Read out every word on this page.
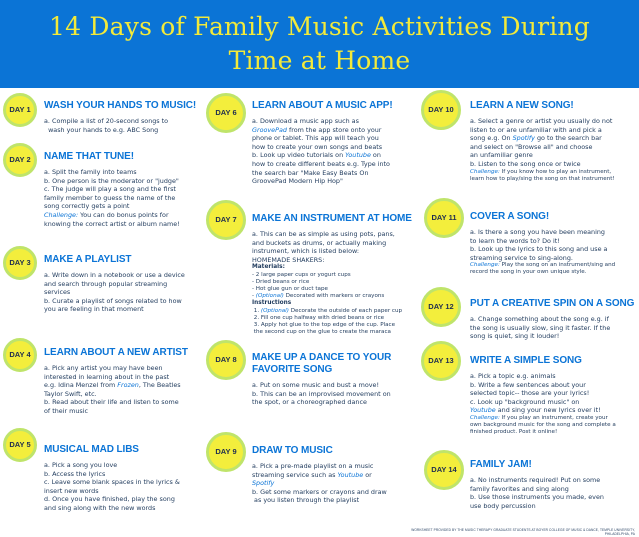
14 Days of Family Music Activities During
Time at Home
DAY 1	WASH YOUR HANDS TO MUSIC!

a. Compile a list of 20-second songs to
wash your hands to e.g. ABC Song

DAY 2	NAME THAT TUNE!

a. Split the family into teams
b. One person is the moderator or "judge"
c. The judge will play a song and the first
family member to guess the name of the
song correctly gets a point
Challenge: You can do bonus points for
knowing the correct artist or album name!

DAY 3	MAKE A PLAYLIST

a. Write down in a notebook or use a device
and search through popular streaming
services
b. Curate a playlist of songs related to how
you are feeling in that moment

DAY 4	LEARN ABOUT A NEW ARTIST

a. Pick any artist you may have been
interested in learning about in the past
e.g. Idina Menzel from Frozen, The Beatles
Taylor Swift, etc.
b. Read about their life and listen to some
of their music

DAY 5	MUSICAL MAD LIBS

a. Pick a song you love
b. Access the lyrics
c. Leave some blank spaces in the lyrics &
insert new words
d. Once you have finished, play the song
and sing along with the new words

DAY 6
LEARN ABOUT A MUSIC APP!

a. Download a music app such as
GroovePad from the app store onto your
phone or tablet. This app will teach you
how to create your own songs and beats
b. Look up video tutorials on Youtube on
how to create different beats e.g. Type into
the search bar "Make Easy Beats On
GroovePad Modern Hip Hop"

DAY 7 MAKE AN INSTRUMENT AT HOME

a. This can be as simple as using pots, pans,
and buckets as drums, or actually making
instrument, which is listed below:
HOMEMADE SHAKERS:

Materials:

- 2 large paper cups or yogurt cups
- Dried beans or rice
- Hot glue gun or duct tape
- (Optional) Decorated with markers or crayons

Instructions

1. (Optional) Decorate the outside of each paper cup
2. Fill one cup halfway with dried beans or rice
3. Apply hot glue to the top edge of the cup. Place
the second cup on the glue to create the maraca

DAY 8 MAKE UP A DANCE TO YOUR FAVORITE SONG

a. Put on some music and bust a move!
b. This can be an improvised movement on
the spot, or a choreographed dance

DAY 9 DRAW TO MUSIC

a. Pick a pre-made playlist on a music
streaming service such as Youtube or
Spotify
b. Get some markers or crayons and draw
as you listen through the playlist

DAY 10 LEARN A NEW SONG!

a. Select a genre or artist you usually do not
listen to or are unfamiliar with and pick a
song e.g. On Spotify go to the search bar
and select on "Browse all" and choose
an unfamiliar genre
b. Listen to the song once or twice

Challenge: If you know how to play an instrument,
learn how to play/sing the song on that instrument!

DAY 11 COVER A SONG!

a. Is there a song you have been meaning
to learn the words to? Do it!
b. Look up the lyrics to this song and use a
streaming service to sing-along.

Challenge: Play the song on an instrument/sing and
record the song in your own unique style.

DAY 12 PUT A CREATIVE SPIN ON A SONG

a. Change something about the song e.g. if
the song is usually slow, sing it faster. If the
song is quiet, sing it louder!

DAY 13 WRITE A SIMPLE SONG

a. Pick a topic e.g. animals
b. Write a few sentences about your
selected topic-- those are your lyrics!
c. Look up "background music" on
Youtube and sing your new lyrics over it!

Challenge: If you play an instrument, create your
own background music for the song and complete a
finished product. Post it online!

DAY 14 FAMILY JAM!

a. No instruments required! Put on some
family favorites and sing along
b. Use those instruments you made, even
use body percussion

WORKSHEET PROVIDED BY THE MUSIC THERAPY GRADUATE STUDENTS AT BOYER COLLEGE OF MUSIC & DANCE, TEMPLE UNIVERSITY, PHILADELPHIA, PA
